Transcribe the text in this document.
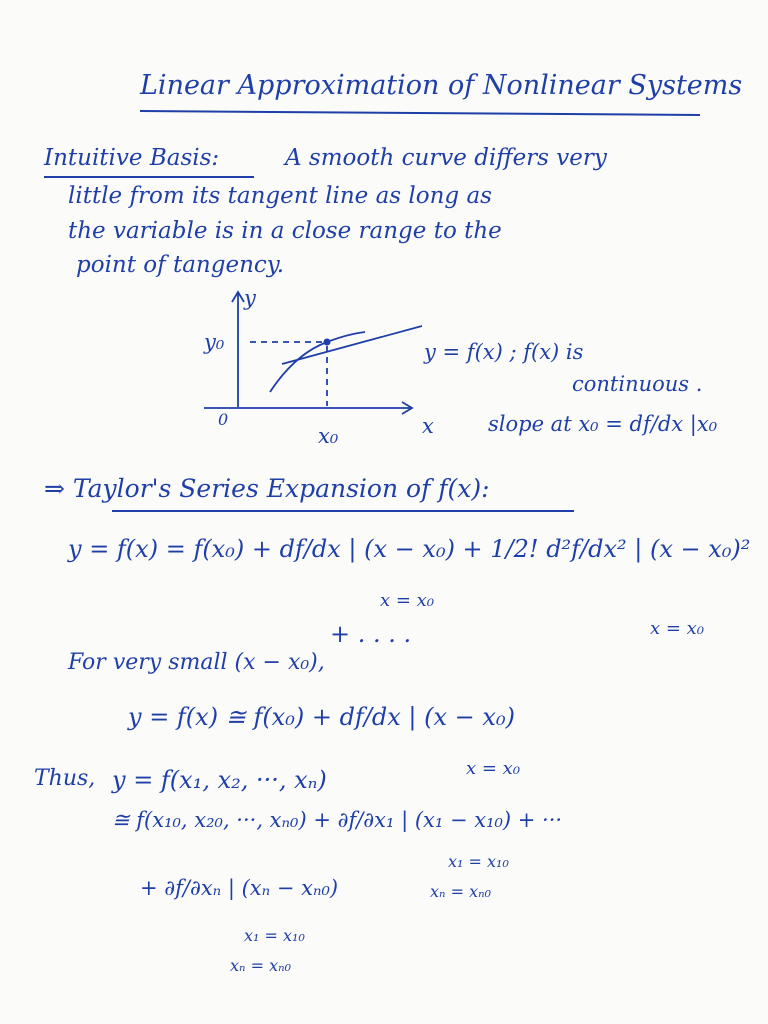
Linear Approximation of Nonlinear Systems
Intuitive Basis:	A smooth curve differs very
little from its tangent line as long as
the variable is in a close range to the
point of tangency.
y
y₀
0
x₀	x
y = f(x) ; f(x) is
continuous .
slope at x₀ = df/dx |x₀
⇒ Taylor's Series Expansion of f(x):
y = f(x) = f(x₀) + df/dx | (x − x₀) + 1/2! d²f/dx² | (x − x₀)²
x = x₀
x = x₀
+ . . . .
For very small (x − x₀),
y = f(x) ≅ f(x₀) + df/dx | (x − x₀)
x = x₀
Thus, y = f(x₁, x₂, ···, xₙ)
≅ f(x₁₀, x₂₀, ···, xₙ₀) + ∂f/∂x₁ | (x₁ − x₁₀) + ···
x₁ = x₁₀
xₙ = xₙ₀
+ ∂f/∂xₙ | (xₙ − xₙ₀)
x₁ = x₁₀
xₙ = xₙ₀
